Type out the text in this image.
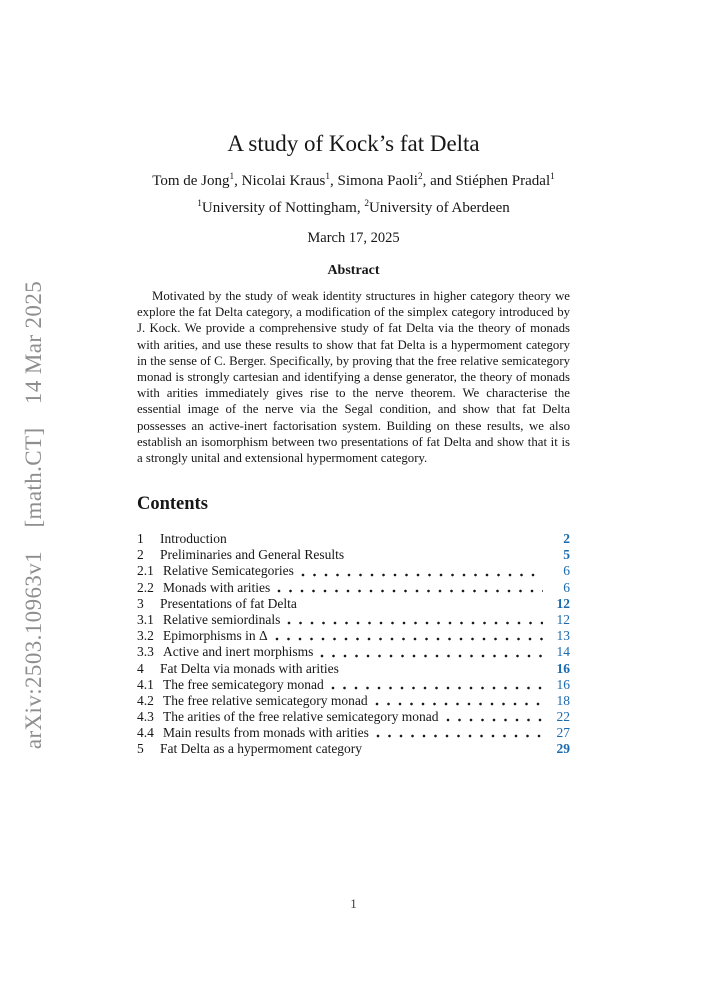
arXiv:2503.10963v1 [math.CT] 14 Mar 2025
A study of Kock’s fat Delta
Tom de Jong$^1$, Nicolai Kraus$^1$, Simona Paoli$^2$, and Stiéphen Pradal$^1$
$^1$University of Nottingham, $^2$University of Aberdeen
March 17, 2025
Abstract
Motivated by the study of weak identity structures in higher category theory we explore the fat Delta category, a modification of the simplex category introduced by J. Kock. We provide a comprehensive study of fat Delta via the theory of monads with arities, and use these results to show that fat Delta is a hypermoment category in the sense of C. Berger. Specifically, by proving that the free relative semicategory monad is strongly cartesian and identifying a dense generator, the theory of monads with arities immediately gives rise to the nerve theorem. We characterise the essential image of the nerve via the Segal condition, and show that fat Delta possesses an active-inert factorisation system. Building on these results, we also establish an isomorphism between two presentations of fat Delta and show that it is a strongly unital and extensional hypermoment category.
Contents
1	Introduction	2
2	Preliminaries and General Results	5
2.1 Relative Semicategories	6
2.2 Monads with arities	6
3	Presentations of fat Delta	12
3.1 Relative semiordinals	12
3.2 Epimorphisms in Δ	13
3.3 Active and inert morphisms	14
4	Fat Delta via monads with arities	16
4.1 The free semicategory monad	16
4.2 The free relative semicategory monad	18
4.3 The arities of the free relative semicategory monad	22
4.4 Main results from monads with arities	27
5	Fat Delta as a hypermoment category	29
1
